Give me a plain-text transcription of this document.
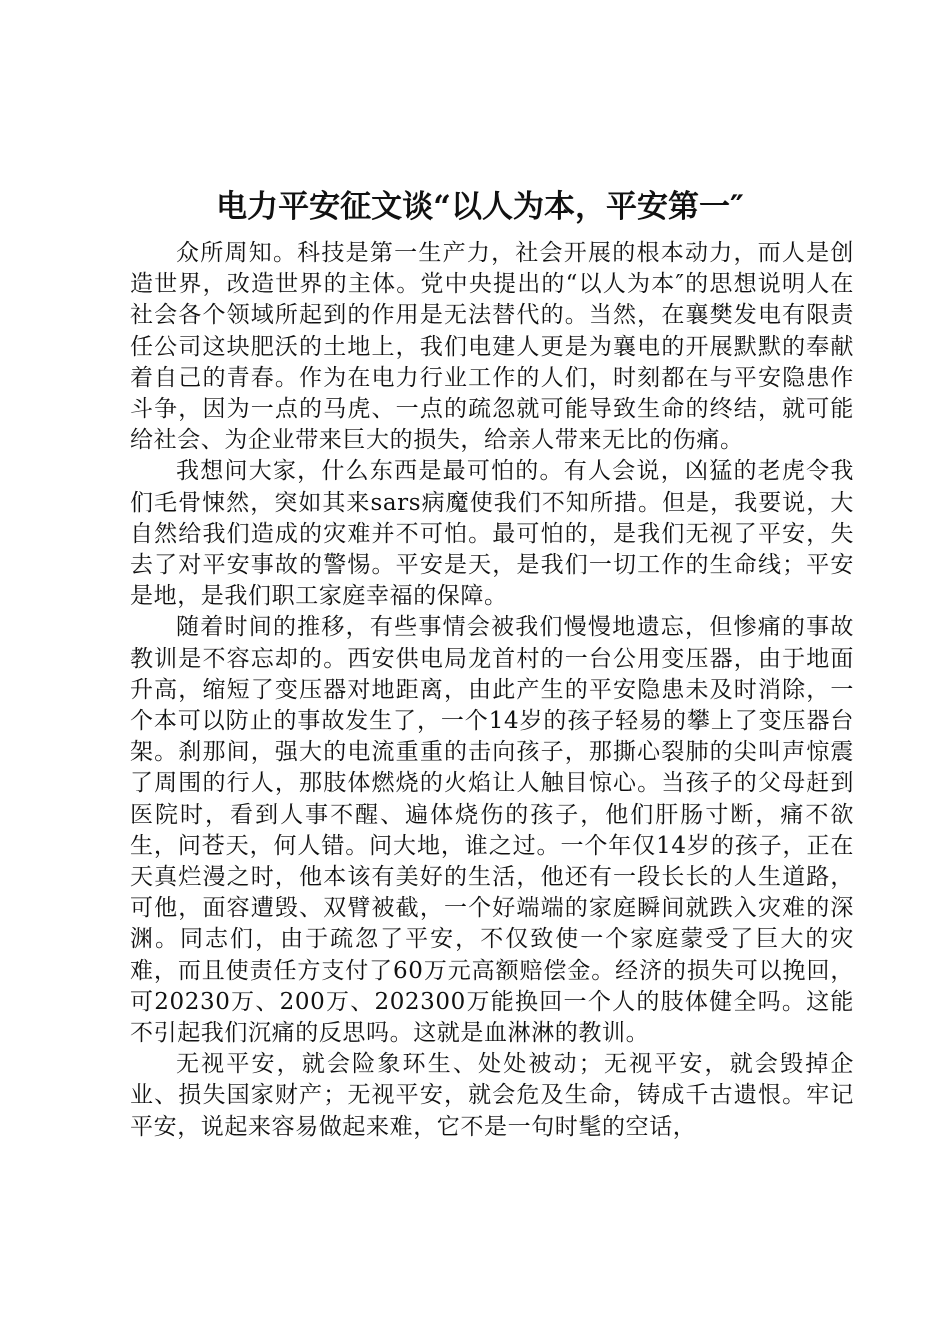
电力平安征文谈“以人为本，平安第一″

众所周知。科技是第一生产力，社会开展的根本动力，而人是创造世界，改造世界的主体。党中央提出的“以人为本″的思想说明人在社会各个领域所起到的作用是无法替代的。当然，在襄樊发电有限责任公司这块肥沃的土地上，我们电建人更是为襄电的开展默默的奉献着自己的青春。作为在电力行业工作的人们，时刻都在与平安隐患作斗争，因为一点的马虎、一点的疏忽就可能导致生命的终结，就可能给社会、为企业带来巨大的损失，给亲人带来无比的伤痛。

我想问大家，什么东西是最可怕的。有人会说，凶猛的老虎令我们毛骨悚然，突如其来sars病魔使我们不知所措。但是，我要说，大自然给我们造成的灾难并不可怕。最可怕的，是我们无视了平安，失去了对平安事故的警惕。平安是天，是我们一切工作的生命线；平安是地，是我们职工家庭幸福的保障。

随着时间的推移，有些事情会被我们慢慢地遗忘，但惨痛的事故教训是不容忘却的。西安供电局龙首村的一台公用变压器，由于地面升高，缩短了变压器对地距离，由此产生的平安隐患未及时消除，一个本可以防止的事故发生了，一个14岁的孩子轻易的攀上了变压器台架。刹那间，强大的电流重重的击向孩子，那撕心裂肺的尖叫声惊震了周围的行人，那肢体燃烧的火焰让人触目惊心。当孩子的父母赶到医院时，看到人事不醒、遍体烧伤的孩子，他们肝肠寸断，痛不欲生，问苍天，何人错。问大地，谁之过。一个年仅14岁的孩子，正在天真烂漫之时，他本该有美好的生活，他还有一段长长的人生道路，可他，面容遭毁、双臂被截，一个好端端的家庭瞬间就跌入灾难的深渊。同志们，由于疏忽了平安，不仅致使一个家庭蒙受了巨大的灾难，而且使责任方支付了60万元高额赔偿金。经济的损失可以挽回，可20230万、200万、202300万能换回一个人的肢体健全吗。这能不引起我们沉痛的反思吗。这就是血淋淋的教训。

无视平安，就会险象环生、处处被动；无视平安，就会毁掉企业、损失国家财产；无视平安，就会危及生命，铸成千古遗恨。牢记平安，说起来容易做起来难，它不是一句时髦的空话，
